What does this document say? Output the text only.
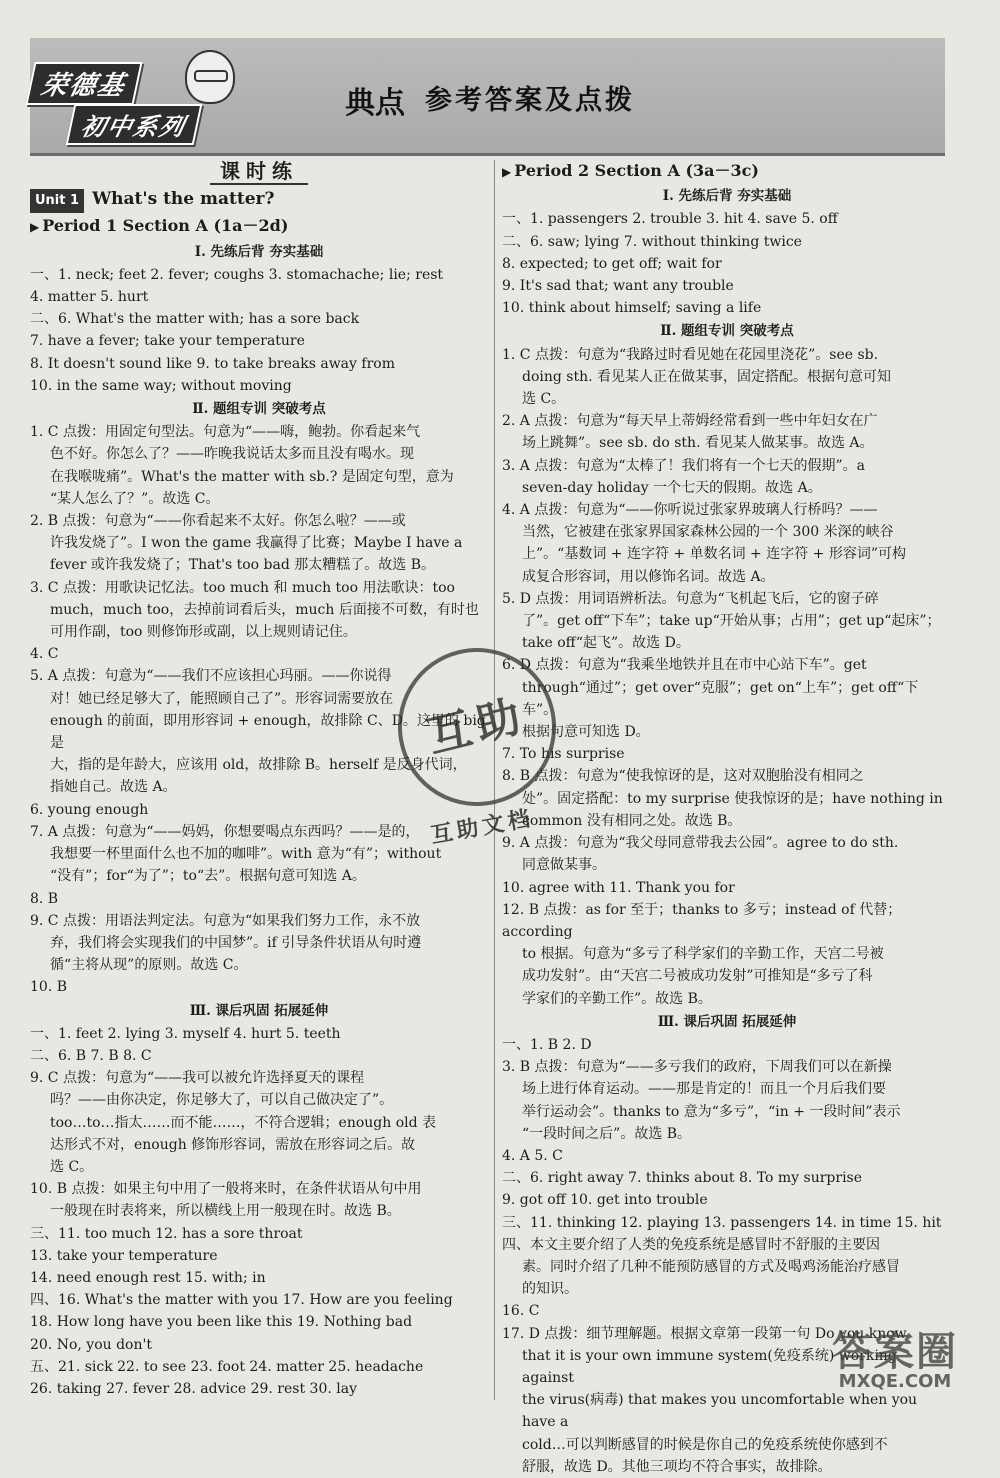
荣德基
初中系列
典点 参考答案及点拨
课时练
Unit 1 What's the matter?
▶ Period 1 Section A (1a－2d)
Ⅰ. 先练后背 夯实基础
一、1. neck; feet 2. fever; coughs 3. stomachache; lie; rest
4. matter 5. hurt
二、6. What's the matter with; has a sore back
7. have a fever; take your temperature
8. It doesn't sound like 9. to take breaks away from
10. in the same way; without moving
Ⅱ. 题组专训 突破考点
1. C 点拨：用固定句型法。句意为“——嗨，鲍勃。你看起来气
色不好。你怎么了？——昨晚我说话太多而且没有喝水。现
在我喉咙痛”。What's the matter with sb.? 是固定句型，意为
“某人怎么了？”。故选 C。
2. B 点拨：句意为“——你看起来不太好。你怎么啦？——或
许我发烧了”。I won the game 我赢得了比赛；Maybe I have a
fever 或许我发烧了；That's too bad 那太糟糕了。故选 B。
3. C 点拨：用歌诀记忆法。too much 和 much too 用法歌诀：too
much，much too，去掉前词看后头，much 后面接不可数，有时也
可用作副，too 则修饰形或副，以上规则请记住。
4. C
5. A 点拨：句意为“——我们不应该担心玛丽。——你说得
对！她已经足够大了，能照顾自己了”。形容词需要放在
enough 的前面，即用形容词 + enough，故排除 C、D。这里的 big 是
大，指的是年龄大，应该用 old，故排除 B。herself 是反身代词，
指她自己。故选 A。
6. young enough
7. A 点拨：句意为“——妈妈，你想要喝点东西吗？——是的，
我想要一杯里面什么也不加的咖啡”。with 意为“有”；without
“没有”；for“为了”；to“去”。根据句意可知选 A。
8. B
9. C 点拨：用语法判定法。句意为“如果我们努力工作，永不放
弃，我们将会实现我们的中国梦”。if 引导条件状语从句时遵
循“主将从现”的原则。故选 C。
10. B
Ⅲ. 课后巩固 拓展延伸
一、1. feet 2. lying 3. myself 4. hurt 5. teeth
二、6. B 7. B 8. C
9. C 点拨：句意为“——我可以被允许选择夏天的课程
吗？——由你决定，你足够大了，可以自己做决定了”。
too…to…指太……而不能……，不符合逻辑；enough old 表
达形式不对，enough 修饰形容词，需放在形容词之后。故
选 C。
10. B 点拨：如果主句中用了一般将来时，在条件状语从句中用
一般现在时表将来，所以横线上用一般现在时。故选 B。
三、11. too much 12. has a sore throat
13. take your temperature
14. need enough rest 15. with; in
四、16. What's the matter with you 17. How are you feeling
18. How long have you been like this 19. Nothing bad
20. No, you don't
五、21. sick 22. to see 23. foot 24. matter 25. headache
26. taking 27. fever 28. advice 29. rest 30. lay
▶ Period 2 Section A (3a－3c)
Ⅰ. 先练后背 夯实基础
一、1. passengers 2. trouble 3. hit 4. save 5. off
二、6. saw; lying 7. without thinking twice
8. expected; to get off; wait for
9. It's sad that; want any trouble
10. think about himself; saving a life
Ⅱ. 题组专训 突破考点
1. C 点拨：句意为“我路过时看见她在花园里浇花”。see sb.
doing sth. 看见某人正在做某事，固定搭配。根据句意可知
选 C。
2. A 点拨：句意为“每天早上蒂姆经常看到一些中年妇女在广
场上跳舞”。see sb. do sth. 看见某人做某事。故选 A。
3. A 点拨：句意为“太棒了！我们将有一个七天的假期”。a
seven-day holiday 一个七天的假期。故选 A。
4. A 点拨：句意为“——你听说过张家界玻璃人行桥吗？——
当然，它被建在张家界国家森林公园的一个 300 米深的峡谷
上”。“基数词 + 连字符 + 单数名词 + 连字符 + 形容词”可构
成复合形容词，用以修饰名词。故选 A。
5. D 点拨：用词语辨析法。句意为“飞机起飞后，它的窗子碎
了”。get off“下车”；take up“开始从事；占用”；get up“起床”；
take off“起飞”。故选 D。
6. D 点拨：句意为“我乘坐地铁并且在市中心站下车”。get
through“通过”；get over“克服”；get on“上车”；get off“下车”。
根据句意可知选 D。
7. To his surprise
8. B 点拨：句意为“使我惊讶的是，这对双胞胎没有相同之
处”。固定搭配：to my surprise 使我惊讶的是；have nothing in
common 没有相同之处。故选 B。
9. A 点拨：句意为“我父母同意带我去公园”。agree to do sth.
同意做某事。
10. agree with 11. Thank you for
12. B 点拨：as for 至于；thanks to 多亏；instead of 代替；according
to 根据。句意为“多亏了科学家们的辛勤工作，天宫二号被
成功发射”。由“天宫二号被成功发射”可推知是“多亏了科
学家们的辛勤工作”。故选 B。
Ⅲ. 课后巩固 拓展延伸
一、1. B 2. D
3. B 点拨：句意为“——多亏我们的政府，下周我们可以在新操
场上进行体育运动。——那是肯定的！而且一个月后我们要
举行运动会”。thanks to 意为“多亏”，“in + 一段时间”表示
“一段时间之后”。故选 B。
4. A 5. C
二、6. right away 7. thinks about 8. To my surprise
9. got off 10. get into trouble
三、11. thinking 12. playing 13. passengers 14. in time 15. hit
四、本文主要介绍了人类的免疫系统是感冒时不舒服的主要因
素。同时介绍了几种不能预防感冒的方式及喝鸡汤能治疗感冒
的知识。
16. C
17. D 点拨：细节理解题。根据文章第一段第一句 Do you know
that it is your own immune system(免疫系统) working against
the virus(病毒) that makes you uncomfortable when you have a
cold…可以判断感冒的时候是你自己的免疫系统使你感到不
舒服，故选 D。其他三项均不符合事实，故排除。
互助
互助文档
答案圈
MXQE.COM
